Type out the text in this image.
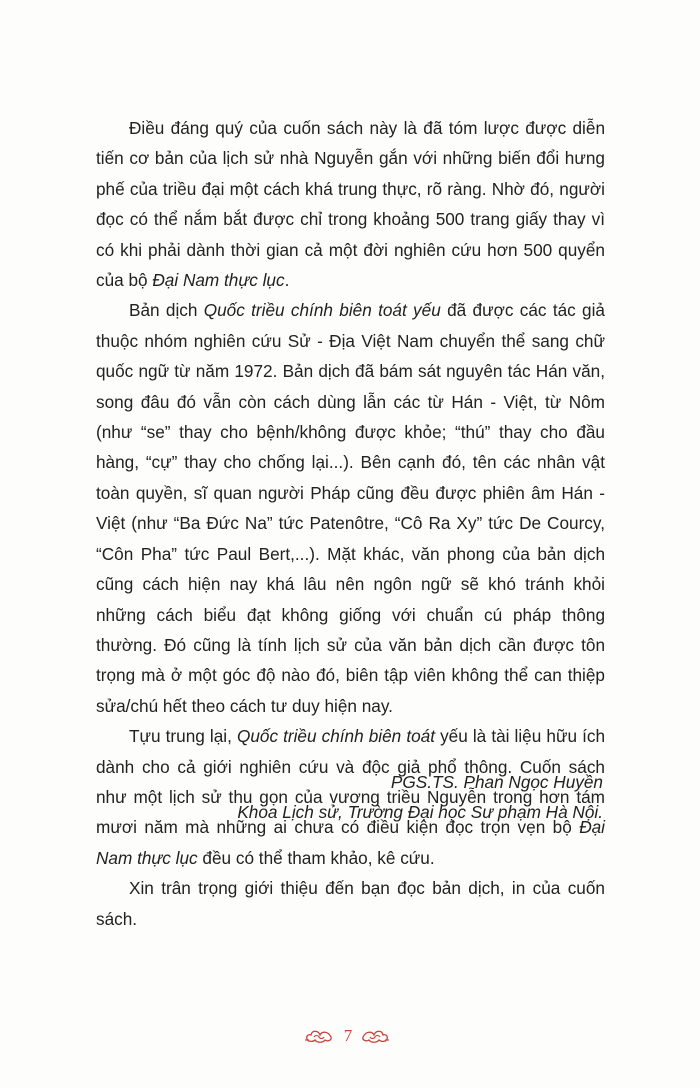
Điều đáng quý của cuốn sách này là đã tóm lược được diễn tiến cơ bản của lịch sử nhà Nguyễn gắn với những biến đổi hưng phế của triều đại một cách khá trung thực, rõ ràng. Nhờ đó, người đọc có thể nắm bắt được chỉ trong khoảng 500 trang giấy thay vì có khi phải dành thời gian cả một đời nghiên cứu hơn 500 quyển của bộ Đại Nam thực lục.

Bản dịch Quốc triều chính biên toát yếu đã được các tác giả thuộc nhóm nghiên cứu Sử - Địa Việt Nam chuyển thể sang chữ quốc ngữ từ năm 1972. Bản dịch đã bám sát nguyên tác Hán văn, song đâu đó vẫn còn cách dùng lẫn các từ Hán - Việt, từ Nôm (như “se” thay cho bệnh/không được khỏe; “thú” thay cho đầu hàng, “cự” thay cho chống lại...). Bên cạnh đó, tên các nhân vật toàn quyền, sĩ quan người Pháp cũng đều được phiên âm Hán - Việt (như “Ba Đức Na” tức Patenôtre, “Cô Ra Xy” tức De Courcy, “Côn Pha” tức Paul Bert,...). Mặt khác, văn phong của bản dịch cũng cách hiện nay khá lâu nên ngôn ngữ sẽ khó tránh khỏi những cách biểu đạt không giống với chuẩn cú pháp thông thường. Đó cũng là tính lịch sử của văn bản dịch cần được tôn trọng mà ở một góc độ nào đó, biên tập viên không thể can thiệp sửa/chú hết theo cách tư duy hiện nay.

Tựu trung lại, Quốc triều chính biên toát yếu là tài liệu hữu ích dành cho cả giới nghiên cứu và độc giả phổ thông. Cuốn sách như một lịch sử thu gọn của vương triều Nguyễn trong hơn tám mươi năm mà những ai chưa có điều kiện đọc trọn vẹn bộ Đại Nam thực lục đều có thể tham khảo, kê cứu.

Xin trân trọng giới thiệu đến bạn đọc bản dịch, in của cuốn sách.

PGS.TS. Phan Ngọc Huyền
Khoa Lịch sử, Trường Đại học Sư phạm Hà Nội.
7
